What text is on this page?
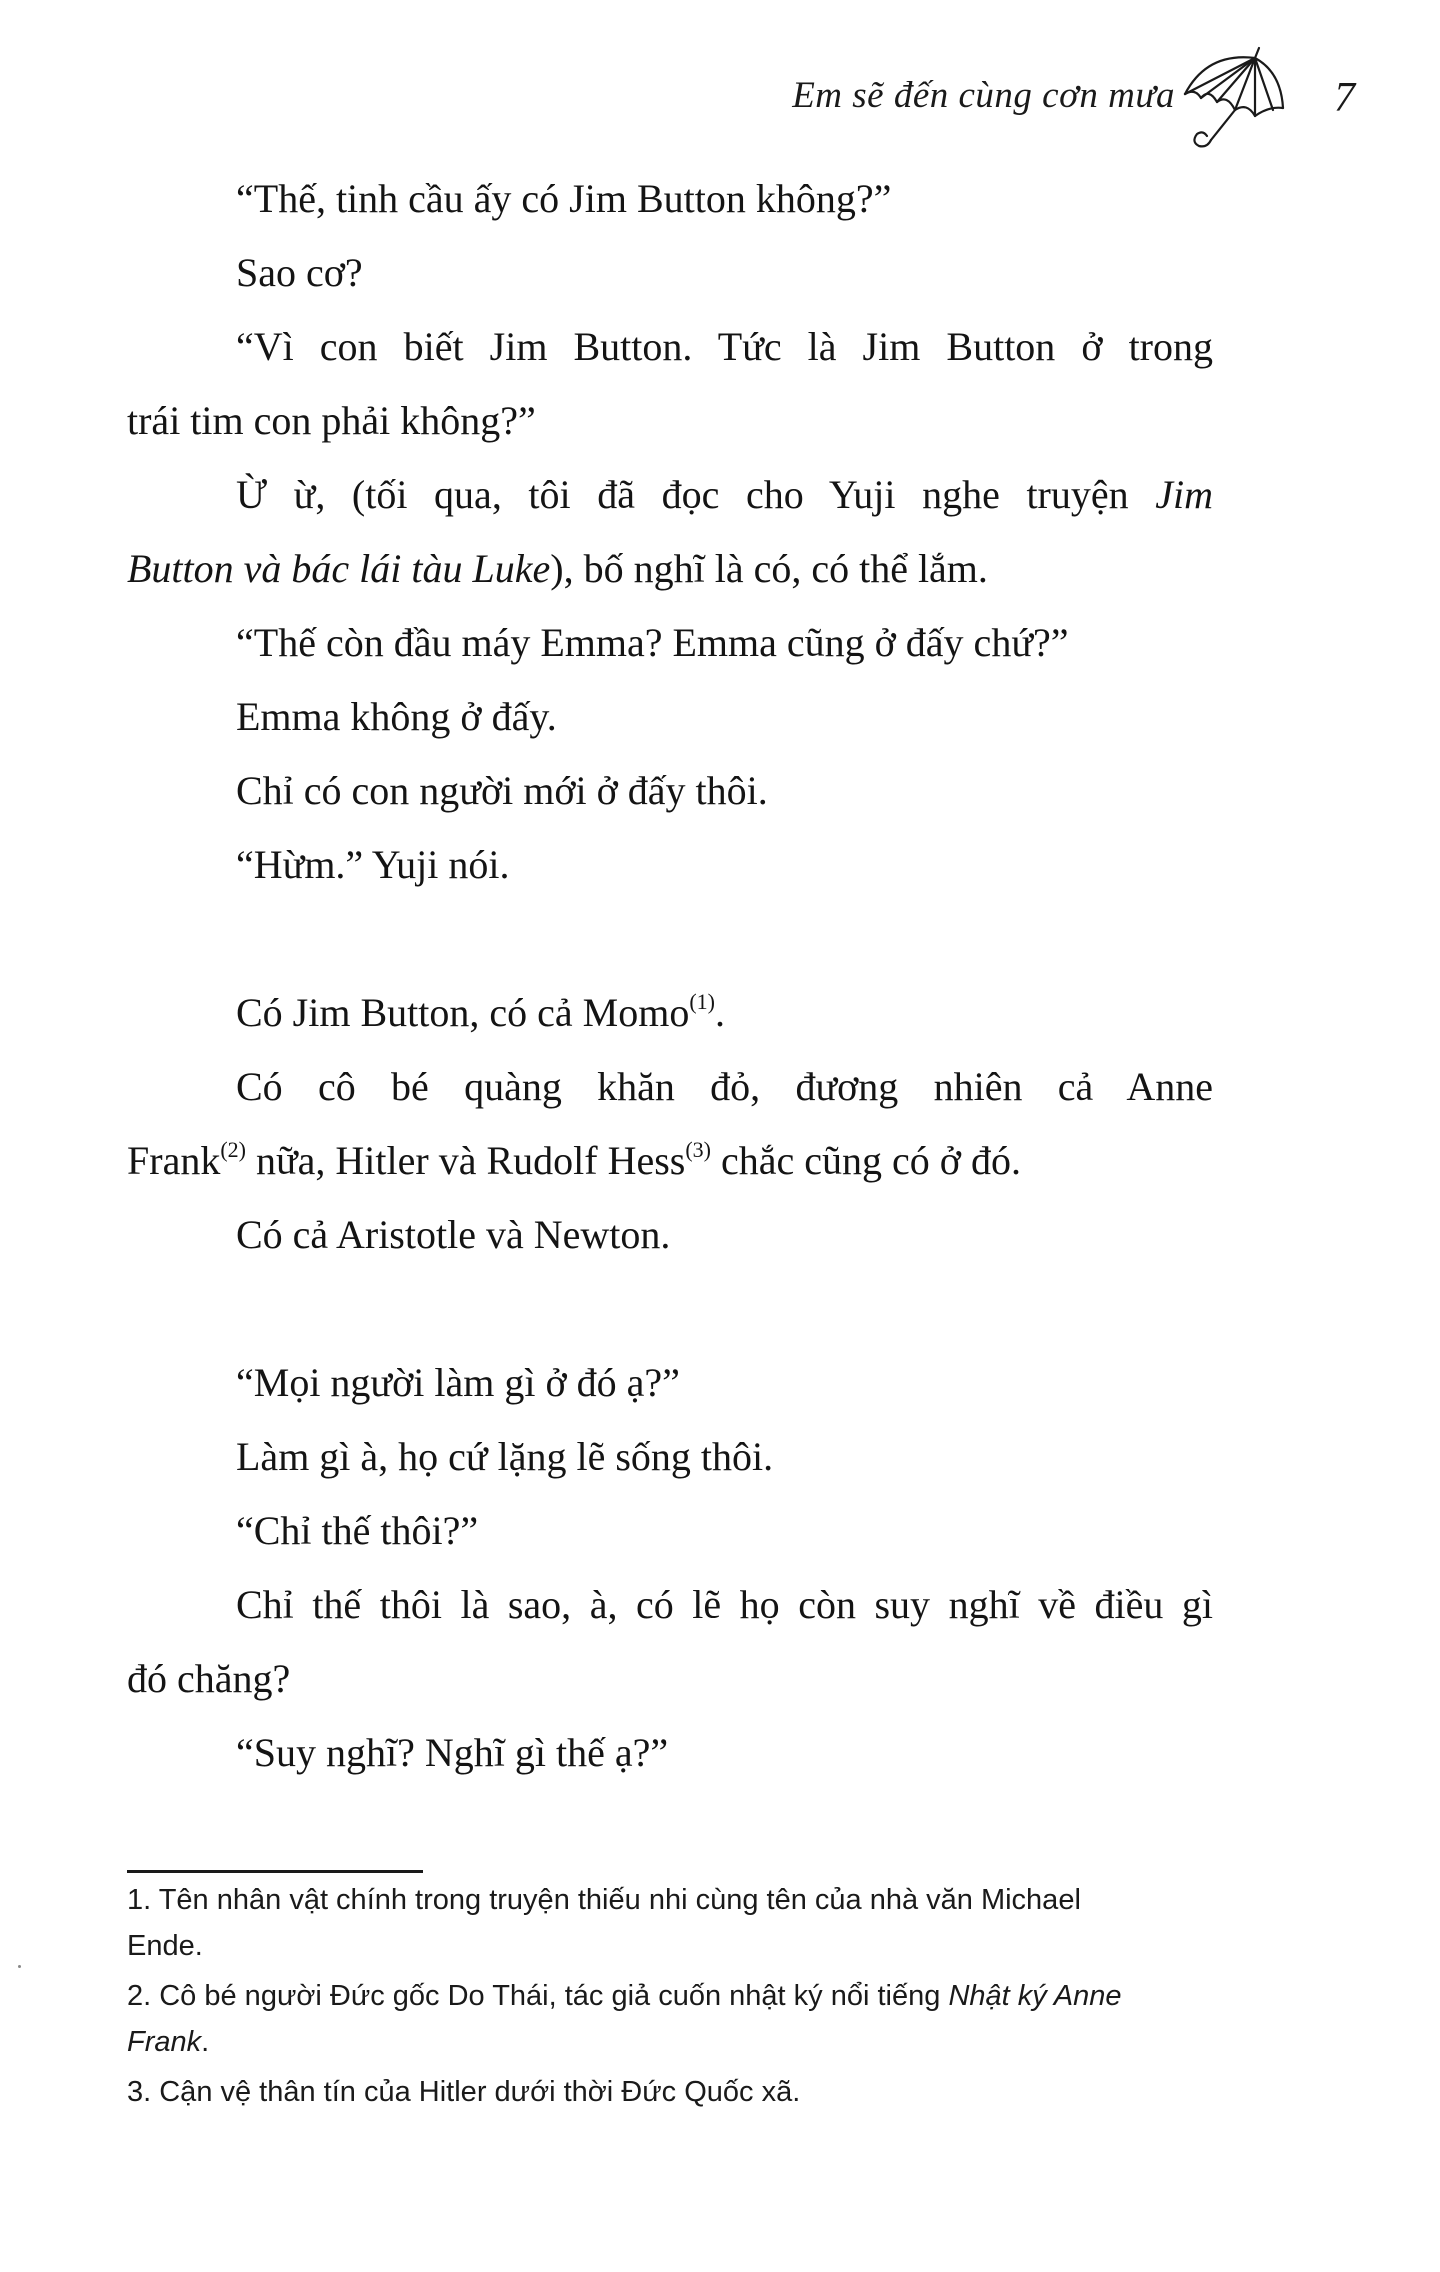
Em sẽ đến cùng cơn mưa	7
“Thế, tinh cầu ấy có Jim Button không?”
Sao cơ?
“Vì con biết Jim Button. Tức là Jim Button ở trong
trái tim con phải không?”
Ừ ừ, (tối qua, tôi đã đọc cho Yuji nghe truyện Jim
Button và bác lái tàu Luke), bố nghĩ là có, có thể lắm.
“Thế còn đầu máy Emma? Emma cũng ở đấy chứ?”
Emma không ở đấy.
Chỉ có con người mới ở đấy thôi.
“Hừm.” Yuji nói.
Có Jim Button, có cả Momo$^{(1)}$.
Có cô bé quàng khăn đỏ, đương nhiên cả Anne
Frank$^{(2)}$ nữa, Hitler và Rudolf Hess$^{(3)}$ chắc cũng có ở đó.
Có cả Aristotle và Newton.
“Mọi người làm gì ở đó ạ?”
Làm gì à, họ cứ lặng lẽ sống thôi.
“Chỉ thế thôi?”
Chỉ thế thôi là sao, à, có lẽ họ còn suy nghĩ về điều gì
đó chăng?
“Suy nghĩ? Nghĩ gì thế ạ?”
1. Tên nhân vật chính trong truyện thiếu nhi cùng tên của nhà văn Michael
Ende.
2. Cô bé người Đức gốc Do Thái, tác giả cuốn nhật ký nổi tiếng Nhật ký Anne
Frank.
3. Cận vệ thân tín của Hitler dưới thời Đức Quốc xã.
